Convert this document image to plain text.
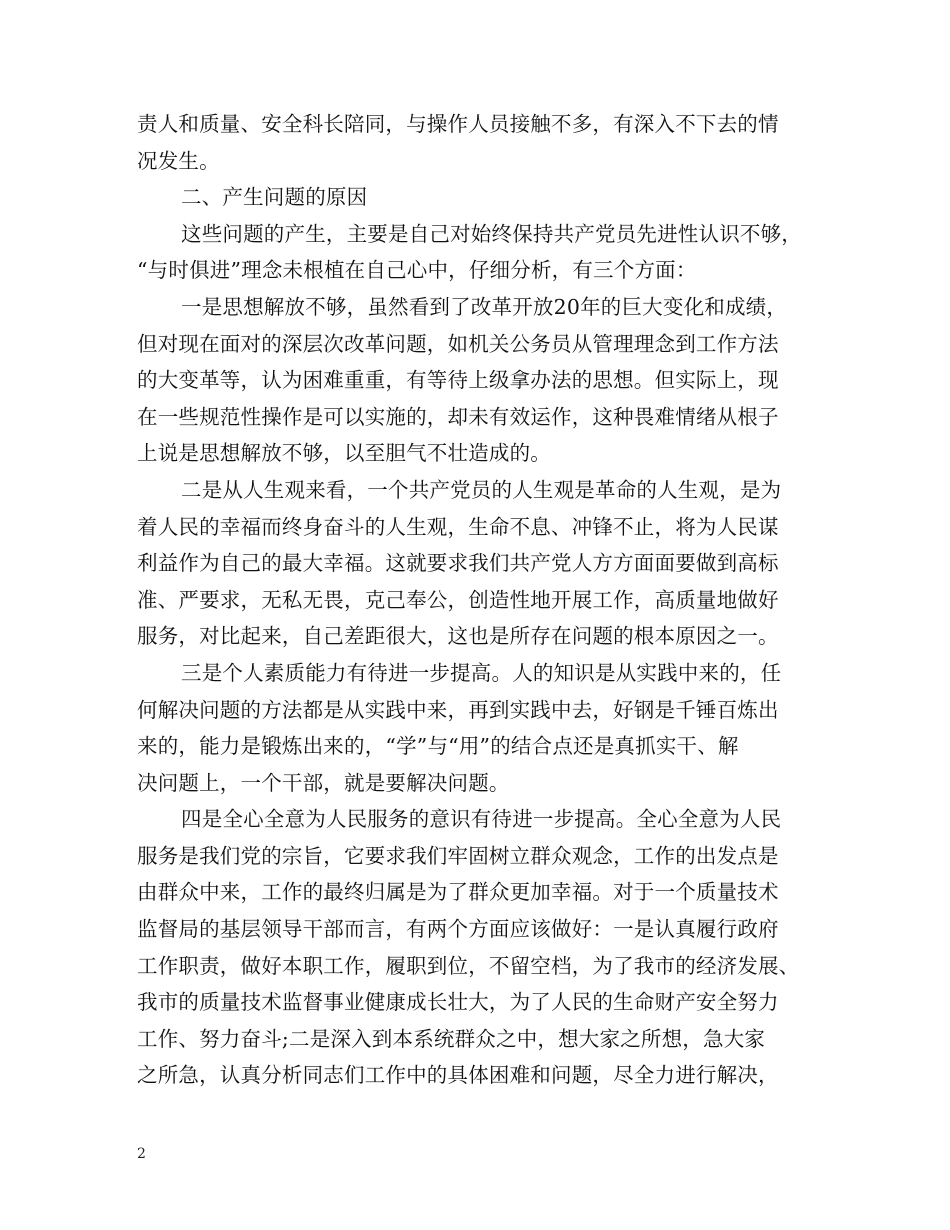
责人和质量、安全科长陪同，与操作人员接触不多，有深入不下去的情
况发生。
二、产生问题的原因
这些问题的产生，主要是自己对始终保持共产党员先进性认识不够，
“与时俱进”理念未根植在自己心中，仔细分析，有三个方面：
一是思想解放不够，虽然看到了改革开放20年的巨大变化和成绩，
但对现在面对的深层次改革问题，如机关公务员从管理理念到工作方法
的大变革等，认为困难重重，有等待上级拿办法的思想。但实际上，现
在一些规范性操作是可以实施的，却未有效运作，这种畏难情绪从根子
上说是思想解放不够，以至胆气不壮造成的。
二是从人生观来看，一个共产党员的人生观是革命的人生观，是为
着人民的幸福而终身奋斗的人生观，生命不息、冲锋不止，将为人民谋
利益作为自己的最大幸福。这就要求我们共产党人方方面面要做到高标
准、严要求，无私无畏，克己奉公，创造性地开展工作，高质量地做好
服务，对比起来，自己差距很大，这也是所存在问题的根本原因之一。
三是个人素质能力有待进一步提高。人的知识是从实践中来的，任
何解决问题的方法都是从实践中来，再到实践中去，好钢是千锤百炼出
来的，能力是锻炼出来的，“学”与“用”的结合点还是真抓实干、解
决问题上，一个干部，就是要解决问题。
四是全心全意为人民服务的意识有待进一步提高。全心全意为人民
服务是我们党的宗旨，它要求我们牢固树立群众观念，工作的出发点是
由群众中来，工作的最终归属是为了群众更加幸福。对于一个质量技术
监督局的基层领导干部而言，有两个方面应该做好：一是认真履行政府
工作职责，做好本职工作，履职到位，不留空档，为了我市的经济发展、
我市的质量技术监督事业健康成长壮大，为了人民的生命财产安全努力
工作、努力奋斗;二是深入到本系统群众之中，想大家之所想，急大家
之所急，认真分析同志们工作中的具体困难和问题，尽全力进行解决，
2
